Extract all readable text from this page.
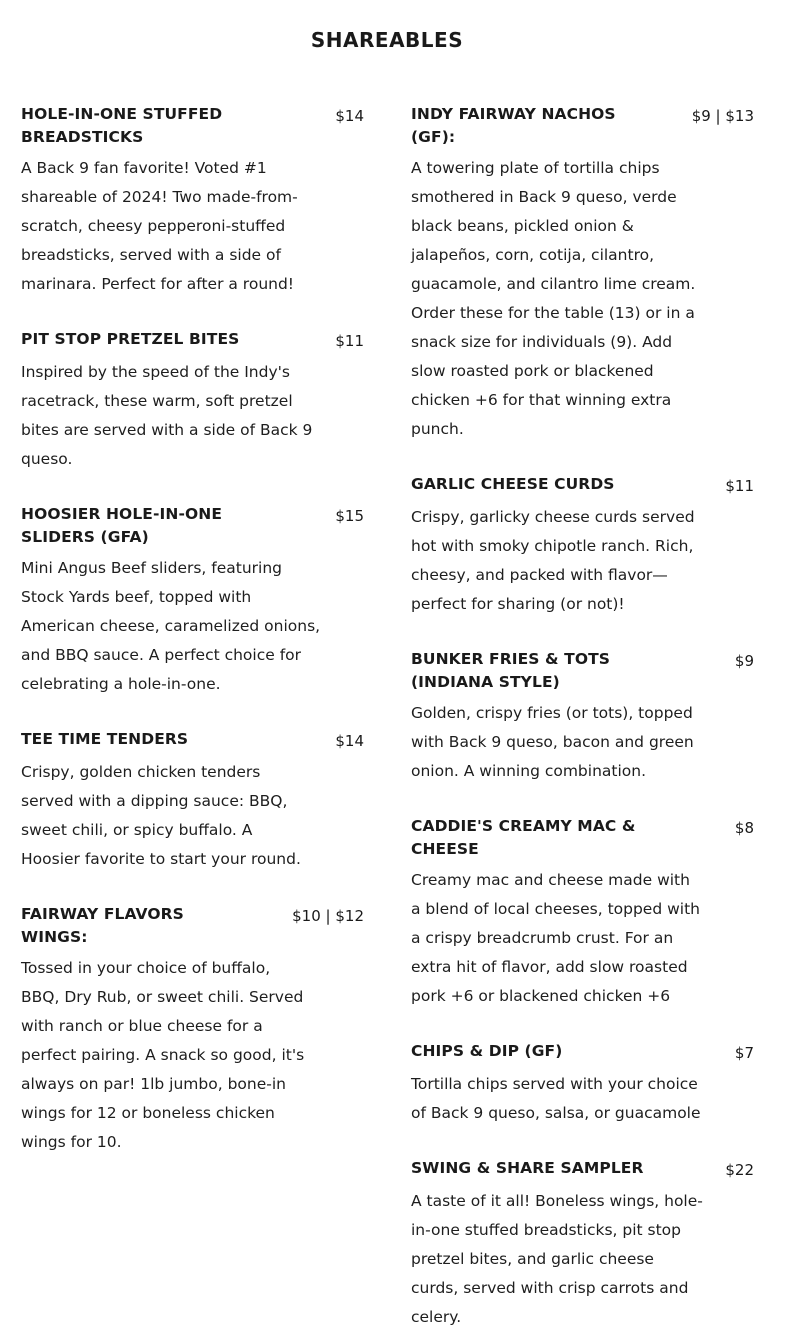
SHAREABLES
HOLE-IN-ONE STUFFED BREADSTICKS
$14

A Back 9 fan favorite! Voted #1 shareable of 2024! Two made-from-scratch, cheesy pepperoni-stuffed breadsticks, served with a side of marinara. Perfect for after a round!

PIT STOP PRETZEL BITES	$11

Inspired by the speed of the Indy's racetrack, these warm, soft pretzel bites are served with a side of Back 9 queso.

HOOSIER HOLE-IN-ONE SLIDERS (GFA)
$15

Mini Angus Beef sliders, featuring Stock Yards beef, topped with American cheese, caramelized onions, and BBQ sauce. A perfect choice for celebrating a hole-in-one.

TEE TIME TENDERS	$14

Crispy, golden chicken tenders served with a dipping sauce: BBQ, sweet chili, or spicy buffalo. A Hoosier favorite to start your round.

FAIRWAY FLAVORS WINGS:
$10 | $12

Tossed in your choice of buffalo, BBQ, Dry Rub, or sweet chili. Served with ranch or blue cheese for a perfect pairing. A snack so good, it's always on par! 1lb jumbo, bone-in wings for 12 or boneless chicken wings for 10.

INDY FAIRWAY NACHOS (GF):
$9 | $13

A towering plate of tortilla chips smothered in Back 9 queso, verde black beans, pickled onion & jalapeños, corn, cotija, cilantro, guacamole, and cilantro lime cream. Order these for the table (13) or in a snack size for individuals (9). Add slow roasted pork or blackened chicken +6 for that winning extra punch.

GARLIC CHEESE CURDS	$11

Crispy, garlicky cheese curds served hot with smoky chipotle ranch. Rich, cheesy, and packed with flavor—perfect for sharing (or not)!

BUNKER FRIES & TOTS (INDIANA STYLE)
$9

Golden, crispy fries (or tots), topped with Back 9 queso, bacon and green onion. A winning combination.

CADDIE'S CREAMY MAC & CHEESE
$8

Creamy mac and cheese made with a blend of local cheeses, topped with a crispy breadcrumb crust. For an extra hit of flavor, add slow roasted pork +6 or blackened chicken +6

CHIPS & DIP (GF)	$7

Tortilla chips served with your choice of Back 9 queso, salsa, or guacamole

SWING & SHARE SAMPLER	$22

A taste of it all! Boneless wings, hole-in-one stuffed breadsticks, pit stop pretzel bites, and garlic cheese curds, served with crisp carrots and celery.
